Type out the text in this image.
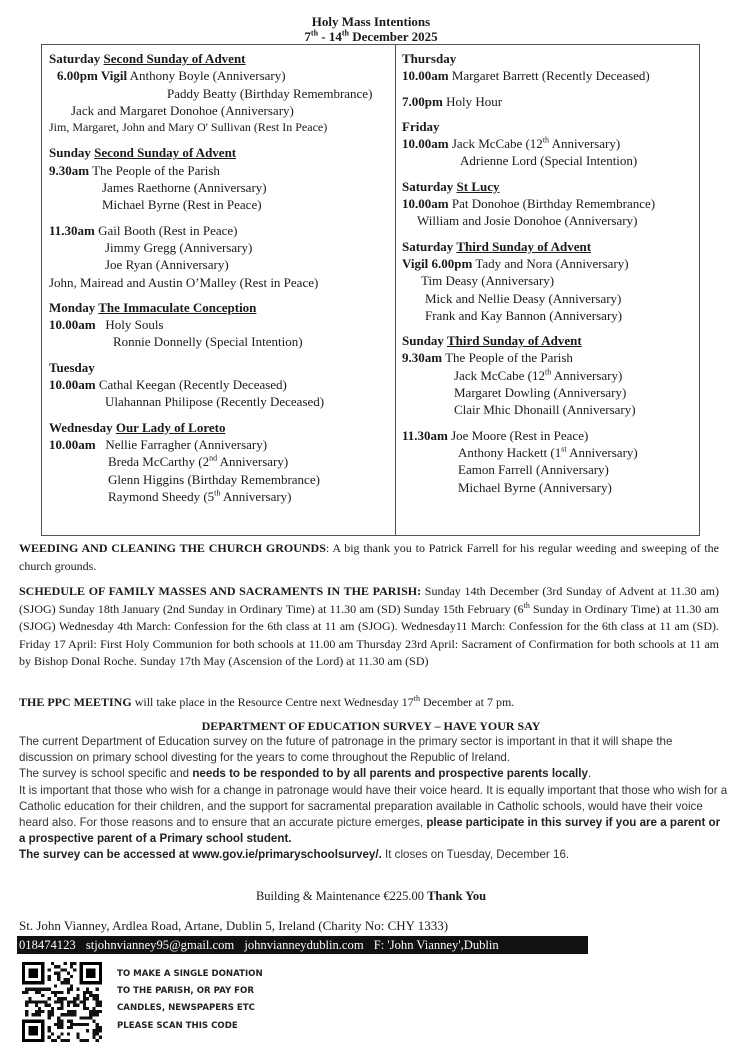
Holy Mass Intentions
7th - 14th December 2025
Saturday Second Sunday of Advent
6.00pm Vigil Anthony Boyle (Anniversary)
Paddy Beatty (Birthday Remembrance)
Jack and Margaret Donohoe (Anniversary)
Jim, Margaret, John and Mary O' Sullivan (Rest In Peace)
Sunday Second Sunday of Advent
9.30am The People of the Parish
James Raethorne (Anniversary)
Michael Byrne (Rest in Peace)
11.30am Gail Booth (Rest in Peace)
Jimmy Gregg (Anniversary)
Joe Ryan (Anniversary)
John, Mairead and Austin O’Malley (Rest in Peace)
Monday The Immaculate Conception
10.00am   Holy Souls
Ronnie Donnelly (Special Intention)
Tuesday
10.00am Cathal Keegan (Recently Deceased)
Ulahannan Philipose (Recently Deceased)
Wednesday Our Lady of Loreto
10.00am   Nellie Farragher (Anniversary)
Breda McCarthy (2nd Anniversary)
Glenn Higgins (Birthday Remembrance)
Raymond Sheedy (5th Anniversary)
Thursday
10.00am Margaret Barrett (Recently Deceased)
7.00pm Holy Hour
Friday
10.00am Jack McCabe (12th Anniversary)
Adrienne Lord (Special Intention)
Saturday St Lucy
10.00am Pat Donohoe (Birthday Remembrance)
William and Josie Donohoe (Anniversary)
Saturday Third Sunday of Advent
Vigil 6.00pm Tady and Nora (Anniversary)
Tim Deasy (Anniversary)
Mick and Nellie Deasy (Anniversary)
Frank and Kay Bannon (Anniversary)
Sunday Third Sunday of Advent
9.30am The People of the Parish
Jack McCabe (12th Anniversary)
Margaret Dowling (Anniversary)
Clair Mhic Dhonaill (Anniversary)
11.30am Joe Moore (Rest in Peace)
Anthony Hackett (1st Anniversary)
Eamon Farrell (Anniversary)
Michael Byrne (Anniversary)
WEEDING AND CLEANING THE CHURCH GROUNDS: A big thank you to Patrick Farrell for his regular weeding and sweeping of the church grounds.
SCHEDULE OF FAMILY MASSES AND SACRAMENTS IN THE PARISH: Sunday 14th December (3rd Sunday of Advent at 11.30 am) (SJOG) Sunday 18th January (2nd Sunday in Ordinary Time) at 11.30 am (SD) Sunday 15th February (6th Sunday in Ordinary Time) at 11.30 am (SJOG) Wednesday 4th March: Confession for the 6th class at 11 am (SJOG). Wednesday11 March: Confession for the 6th class at 11 am (SD). Friday 17 April: First Holy Communion for both schools at 11.00 am Thursday 23rd April: Sacrament of Confirmation for both schools at 11 am by Bishop Donal Roche. Sunday 17th May (Ascension of the Lord) at 11.30 am (SD)
THE PPC MEETING will take place in the Resource Centre next Wednesday 17th December at 7 pm.
DEPARTMENT OF EDUCATION SURVEY – HAVE YOUR SAY
The current Department of Education survey on the future of patronage in the primary sector is important in that it will shape the discussion on primary school divesting for the years to come throughout the Republic of Ireland.
The survey is school specific and needs to be responded to by all parents and prospective parents locally.
It is important that those who wish for a change in patronage would have their voice heard. It is equally important that those who wish for a Catholic education for their children, and the support for sacramental preparation available in Catholic schools, would have their voice heard also. For those reasons and to ensure that an accurate picture emerges, please participate in this survey if you are a parent or a prospective parent of a Primary school student.
The survey can be accessed at www.gov.ie/primaryschoolsurvey/. It closes on Tuesday, December 16.
Building & Maintenance €225.00 Thank You
St. John Vianney, Ardlea Road, Artane, Dublin 5, Ireland (Charity No: CHY 1333)
018474123 stjohnvianney95@gmail.com johnvianneydublin.com F: 'John Vianney',Dublin
TO MAKE A SINGLE DONATION
TO THE PARISH, OR PAY FOR
CANDLES, NEWSPAPERS ETC
PLEASE SCAN THIS CODE
